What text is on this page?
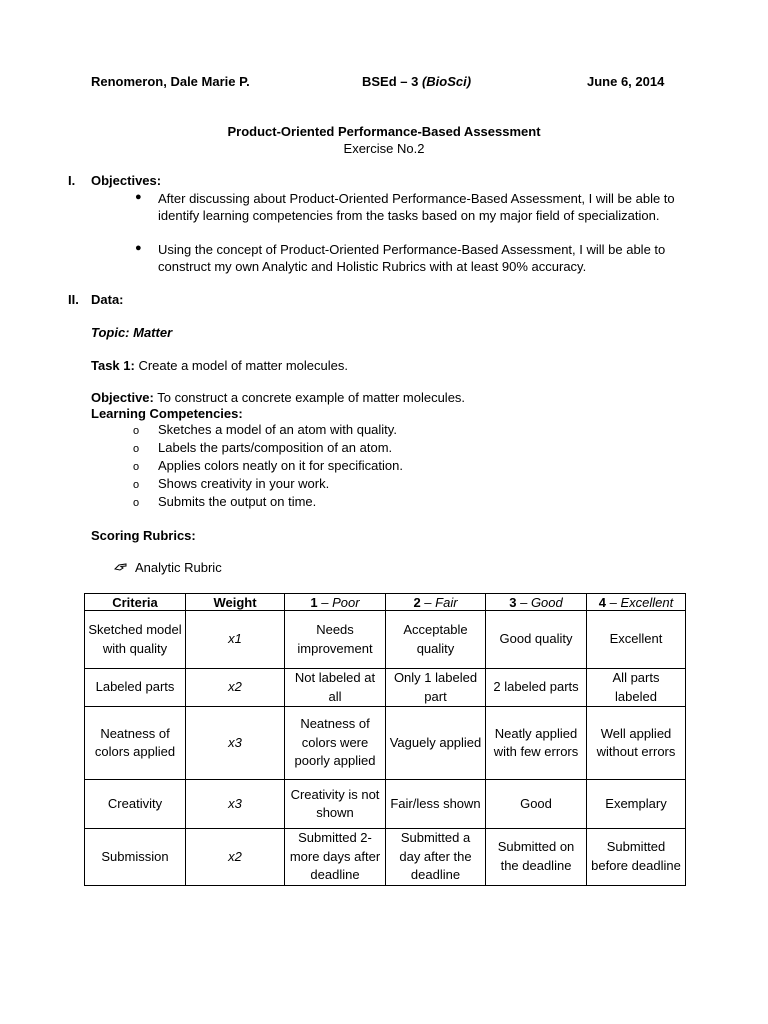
Renomeron, Dale Marie P.	BSEd – 3 (BioSci)	June 6, 2014
Product-Oriented Performance-Based Assessment
Exercise No.2
I. Objectives:
● After discussing about Product-Oriented Performance-Based Assessment, I will be able to identify learning competencies from the tasks based on my major field of specialization.
● Using the concept of Product-Oriented Performance-Based Assessment, I will be able to construct my own Analytic and Holistic Rubrics with at least 90% accuracy.
II. Data:
Topic: Matter
Task 1: Create a model of matter molecules.
Objective: To construct a concrete example of matter molecules.
Learning Competencies:
o Sketches a model of an atom with quality.
o Labels the parts/composition of an atom.
o Applies colors neatly on it for specification.
o Shows creativity in your work.
o Submits the output on time.
Scoring Rubrics:
Analytic Rubric
Criteria	Weight	1 – Poor	2 – Fair	3 – Good	4 – Excellent
Sketched model with quality	x1	Needs improvement	Acceptable quality	Good quality	Excellent
Labeled parts	x2	Not labeled at all	Only 1 labeled part	2 labeled parts	All parts labeled
Neatness of colors applied	x3	Neatness of colors were poorly applied	Vaguely applied	Neatly applied with few errors	Well applied without errors
Creativity	x3	Creativity is not shown	Fair/less shown	Good	Exemplary
Submission	x2	Submitted 2-more days after deadline	Submitted a day after the deadline	Submitted on the deadline	Submitted before deadline
